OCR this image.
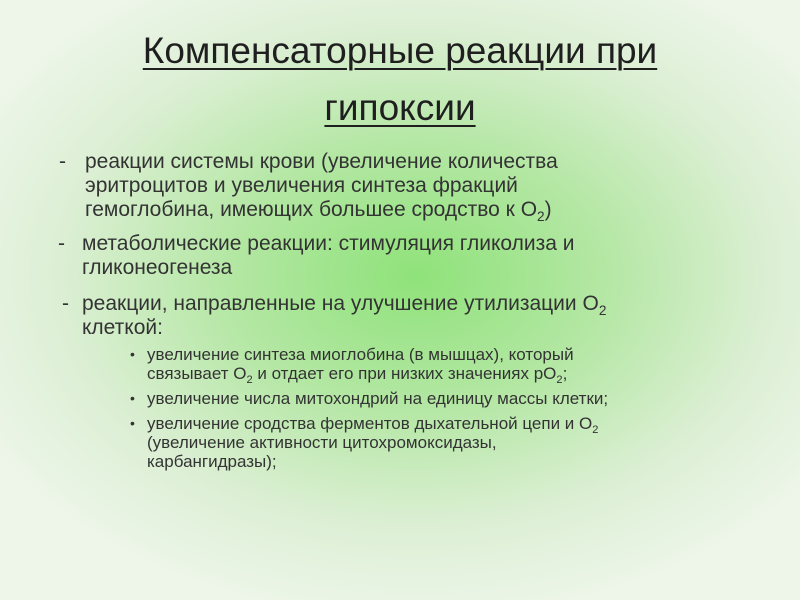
Компенсаторные реакции при
гипоксии
- реакции системы крови (увеличение количества
эритроцитов и увеличения синтеза фракций
гемоглобина, имеющих большее сродство к $О_2$)
- метаболические реакции: стимуляция гликолиза и
гликонеогенеза
- реакции, направленные на улучшение утилизации $О_2$
клеткой:
• увеличение синтеза миоглобина (в мышцах), который
связывает $О_2$ и отдает его при низких значениях $рО_2$;
• увеличение числа митохондрий на единицу массы клетки;
• увеличение сродства ферментов дыхательной цепи и $О_2$
(увеличение активности цитохромоксидазы,
карбангидразы);
